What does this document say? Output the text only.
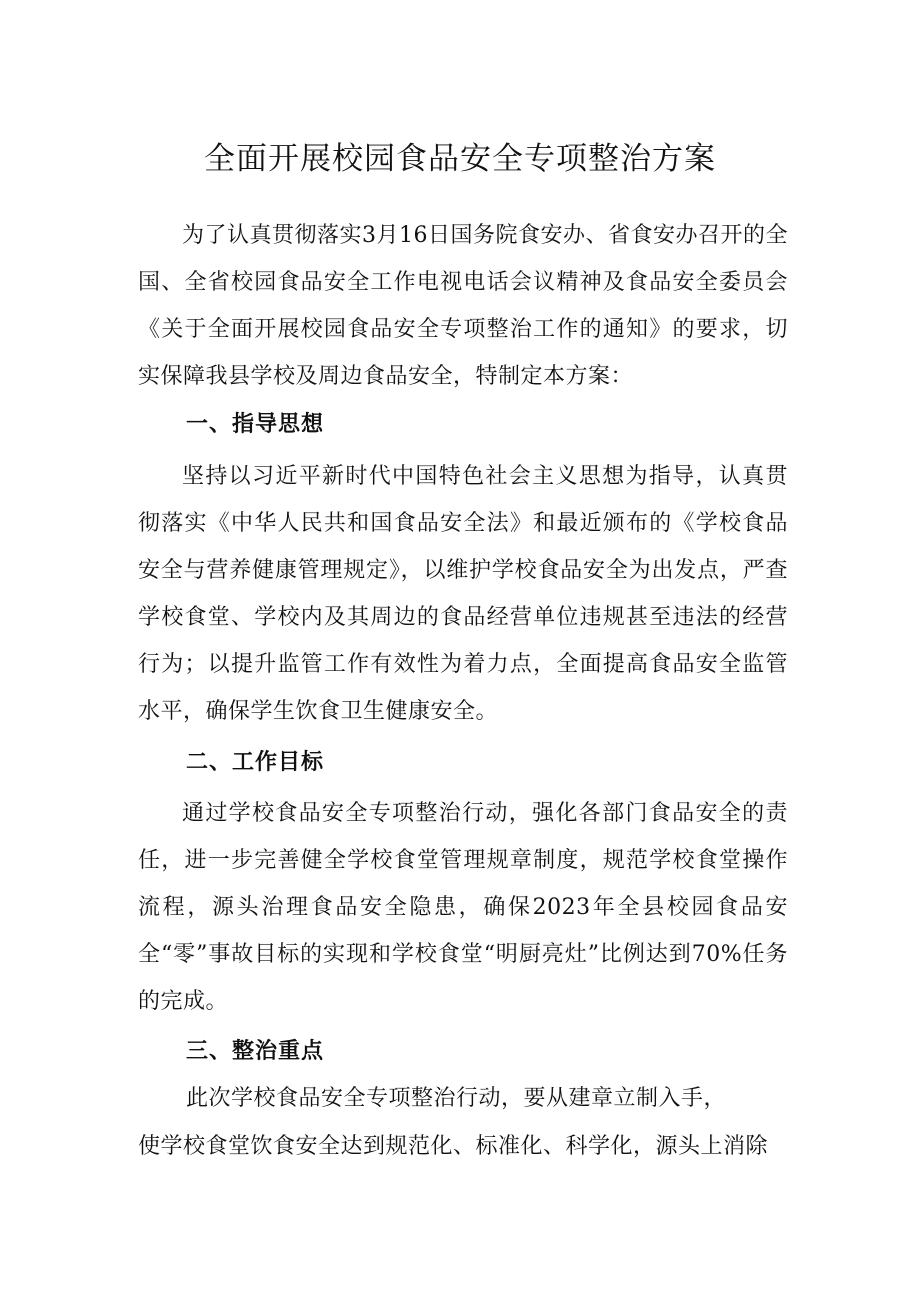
全面开展校园食品安全专项整治方案

为了认真贯彻落实3月16日国务院食安办、省食安办召开的全国、全省校园食品安全工作电视电话会议精神及食品安全委员会《关于全面开展校园食品安全专项整治工作的通知》的要求，切实保障我县学校及周边食品安全，特制定本方案：

一、指导思想

坚持以习近平新时代中国特色社会主义思想为指导，认真贯彻落实《中华人民共和国食品安全法》和最近颁布的《学校食品安全与营养健康管理规定》，以维护学校食品安全为出发点，严查学校食堂、学校内及其周边的食品经营单位违规甚至违法的经营行为；以提升监管工作有效性为着力点，全面提高食品安全监管水平，确保学生饮食卫生健康安全。

二、工作目标

通过学校食品安全专项整治行动，强化各部门食品安全的责任，进一步完善健全学校食堂管理规章制度，规范学校食堂操作流程，源头治理食品安全隐患，确保2023年全县校园食品安全“零”事故目标的实现和学校食堂“明厨亮灶”比例达到70%任务的完成。

三、整治重点

此次学校食品安全专项整治行动，要从建章立制入手，

使学校食堂饮食安全达到规范化、标准化、科学化，源头上消除
